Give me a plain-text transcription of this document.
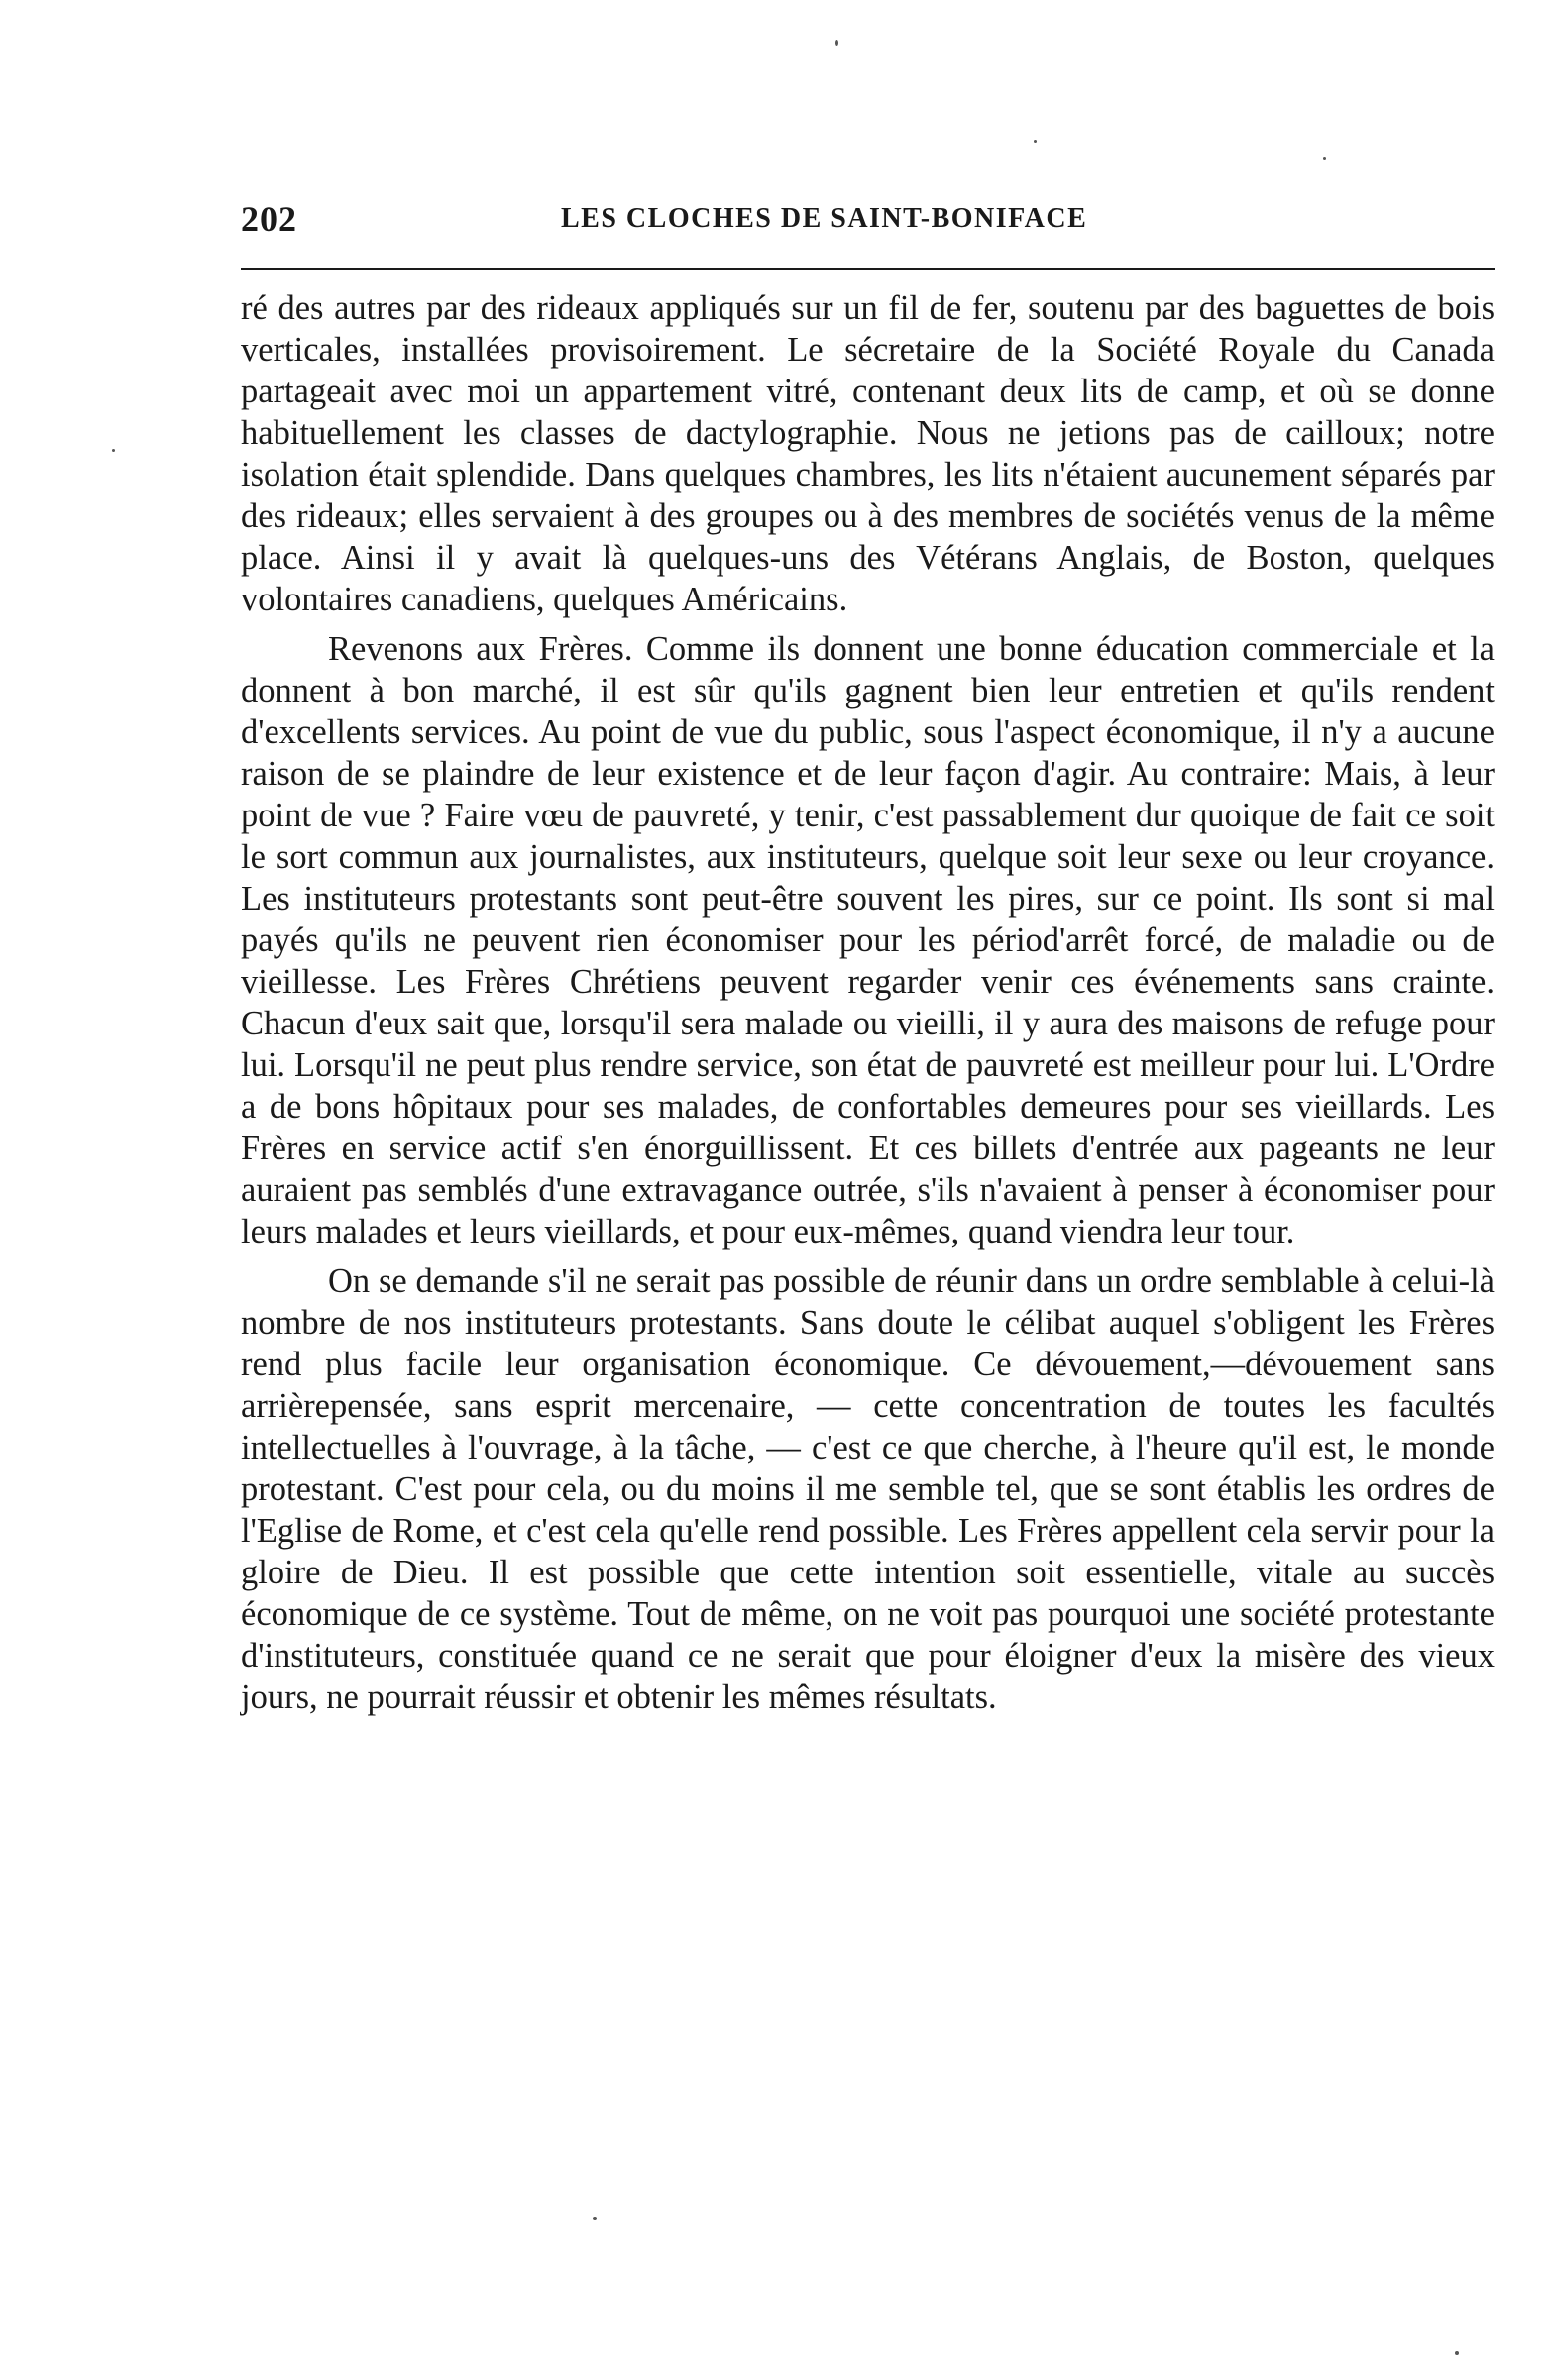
202	LES CLOCHES DE SAINT-BONIFACE

ré des autres par des rideaux appliqués sur un fil de fer, soutenu par des baguettes de bois verticales, installées provisoirement. Le sécretaire de la Société Royale du Canada partageait avec moi un appartement vitré, contenant deux lits de camp, et où se donne habituellement les classes de dactylographie. Nous ne jetions pas de cailloux; notre isolation était splendide. Dans quelques chambres, les lits n'étaient aucunement séparés par des rideaux; elles servaient à des groupes ou à des membres de sociétés venus de la même place. Ainsi il y avait là quelques-uns des Vétérans Anglais, de Boston, quelques volontaires canadiens, quelques Américains.

Revenons aux Frères. Comme ils donnent une bonne éducation commerciale et la donnent à bon marché, il est sûr qu'ils gagnent bien leur entretien et qu'ils rendent d'excellents services. Au point de vue du public, sous l'aspect économique, il n'y a aucune raison de se plaindre de leur existence et de leur façon d'agir. Au contraire: Mais, à leur point de vue ? Faire vœu de pauvreté, y tenir, c'est passablement dur quoique de fait ce soit le sort commun aux journalistes, aux instituteurs, quelque soit leur sexe ou leur croyance. Les instituteurs protestants sont peut-être souvent les pires, sur ce point. Ils sont si mal payés qu'ils ne peuvent rien économiser pour les périod'arrêt forcé, de maladie ou de vieillesse. Les Frères Chrétiens peuvent regarder venir ces événements sans crainte. Chacun d'eux sait que, lorsqu'il sera malade ou vieilli, il y aura des maisons de refuge pour lui. Lorsqu'il ne peut plus rendre service, son état de pauvreté est meilleur pour lui. L'Ordre a de bons hôpitaux pour ses malades, de confortables demeures pour ses vieillards. Les Frères en service actif s'en énorguillissent. Et ces billets d'entrée aux pageants ne leur auraient pas semblés d'une extravagance outrée, s'ils n'avaient à penser à économiser pour leurs malades et leurs vieillards, et pour eux-mêmes, quand viendra leur tour.

On se demande s'il ne serait pas possible de réunir dans un ordre semblable à celui-là nombre de nos instituteurs protestants. Sans doute le célibat auquel s'obligent les Frères rend plus facile leur organisation économique. Ce dévouement,—dévouement sans arrièrepensée, sans esprit mercenaire, — cette concentration de toutes les facultés intellectuelles à l'ouvrage, à la tâche, — c'est ce que cherche, à l'heure qu'il est, le monde protestant. C'est pour cela, ou du moins il me semble tel, que se sont établis les ordres de l'Eglise de Rome, et c'est cela qu'elle rend possible. Les Frères appellent cela servir pour la gloire de Dieu. Il est possible que cette intention soit essentielle, vitale au succès économique de ce système. Tout de même, on ne voit pas pourquoi une société protestante d'instituteurs, constituée quand ce ne serait que pour éloigner d'eux la misère des vieux jours, ne pourrait réussir et obtenir les mêmes résultats.
